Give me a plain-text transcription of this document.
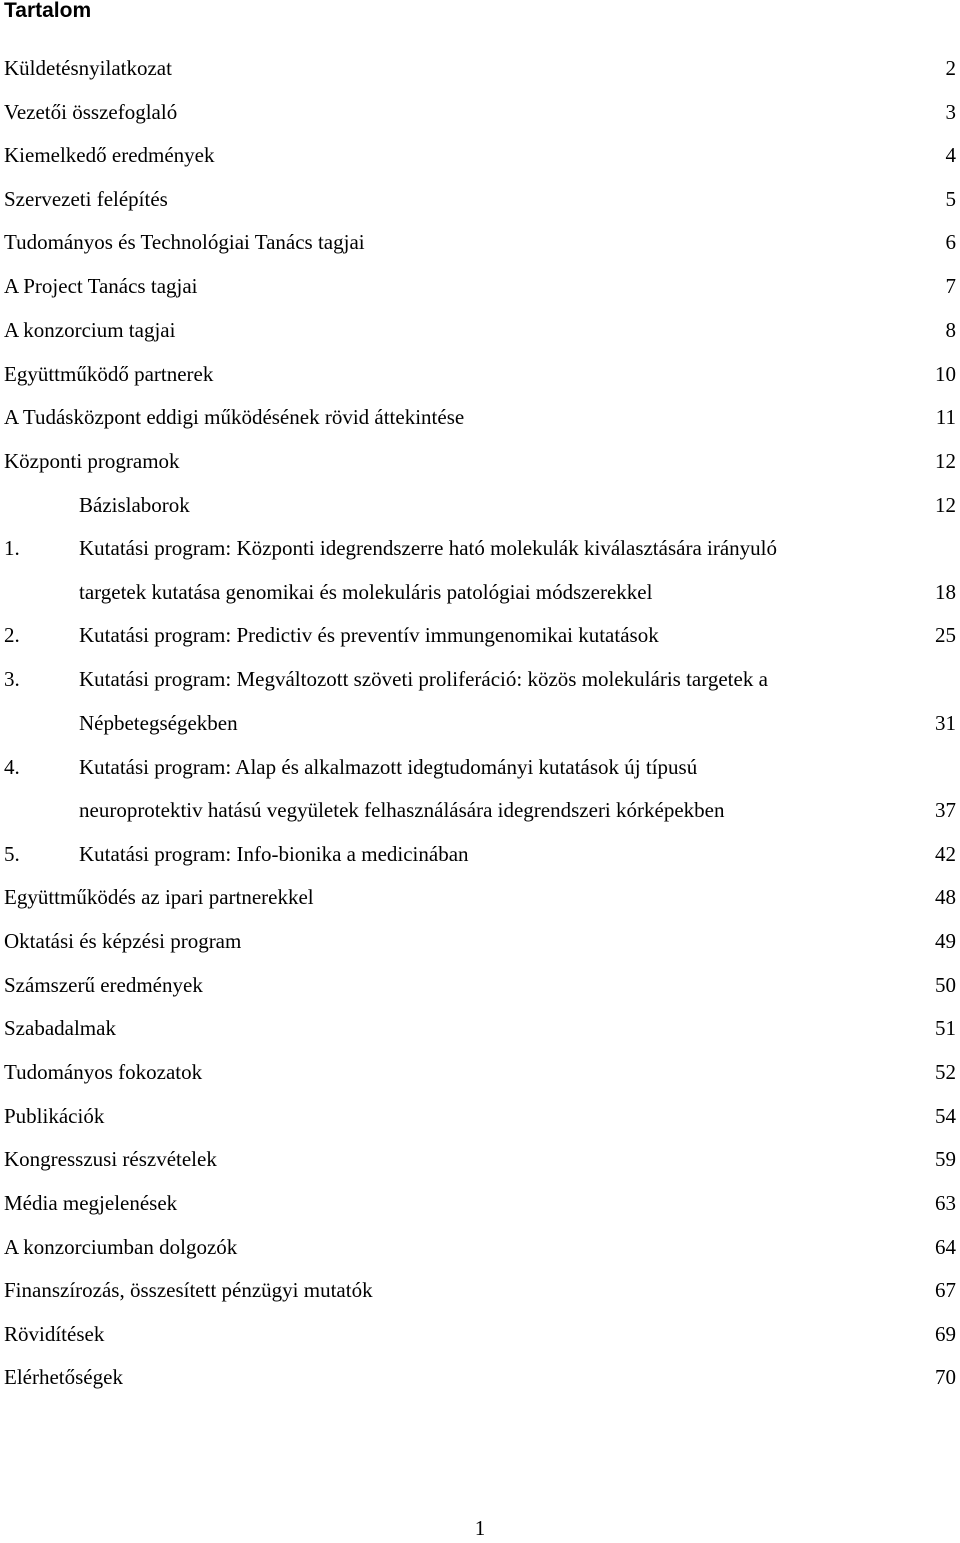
Tartalom
Küldetésnyilatkozat	2
Vezetői összefoglaló	3
Kiemelkedő eredmények	4
Szervezeti felépítés	5
Tudományos és Technológiai Tanács tagjai	6
A Project Tanács tagjai	7
A konzorcium tagjai	8
Együttműködő partnerek	10
A Tudásközpont eddigi működésének rövid áttekintése	11
Központi programok	12
Bázislaborok	12
1.	Kutatási program: Központi idegrendszerre ható molekulák kiválasztására irányuló
targetek kutatása genomikai és molekuláris patológiai módszerekkel	18
2.	Kutatási program: Predictiv és preventív immungenomikai kutatások	25
3.	Kutatási program: Megváltozott szöveti proliferáció: közös molekuláris targetek a
Népbetegségekben	31
4.	Kutatási program: Alap és alkalmazott idegtudományi kutatások új típusú
neuroprotektiv hatású vegyületek felhasználására idegrendszeri kórképekben	37
5.	Kutatási program: Info-bionika a medicinában	42
Együttműködés az ipari partnerekkel	48
Oktatási és képzési program	49
Számszerű eredmények	50
Szabadalmak	51
Tudományos fokozatok	52
Publikációk	54
Kongresszusi részvételek	59
Média megjelenések	63
A konzorciumban dolgozók	64
Finanszírozás, összesített pénzügyi mutatók	67
Rövidítések	69
Elérhetőségek	70
1
